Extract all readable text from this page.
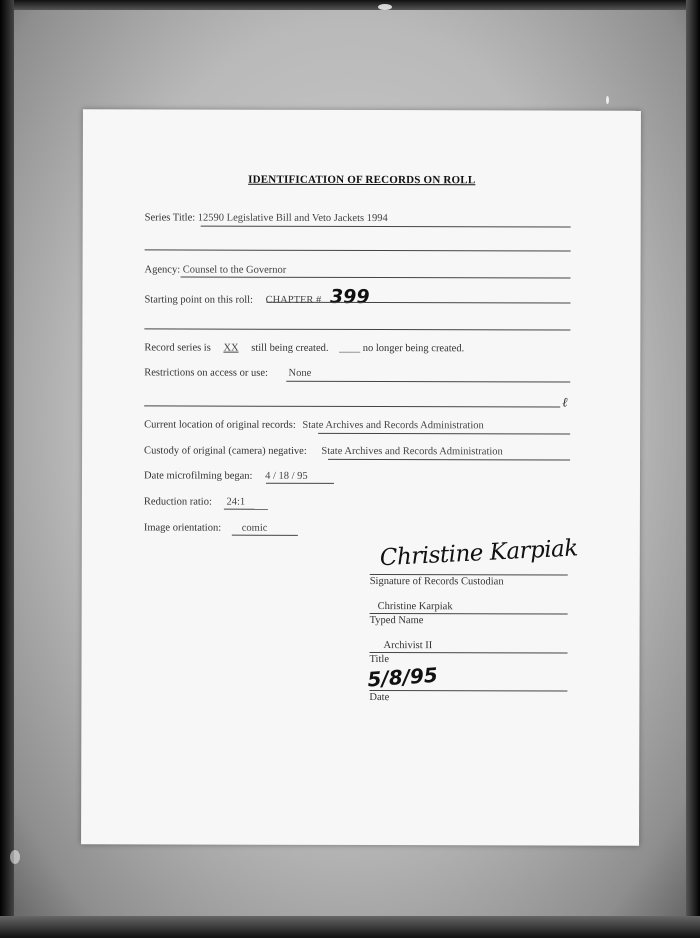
IDENTIFICATION OF RECORDS ON ROLL
Series Title: 12590 Legislative Bill and Veto Jackets 1994
Agency: Counsel to the Governor
Starting point on this roll: CHAPTER # 399
Record series is XX still being created. ____ no longer being created.
Restrictions on access or use: None
ℓ
Current location of original records: State Archives and Records Administration
Custody of original (camera) negative: State Archives and Records Administration
Date microfilming began: 4 / 18 / 95
Reduction ratio: 24:1
Image orientation: comic
Christine Karpiak
Signature of Records Custodian
Christine Karpiak
Typed Name
Archivist II
Title
5/8/95
Date
